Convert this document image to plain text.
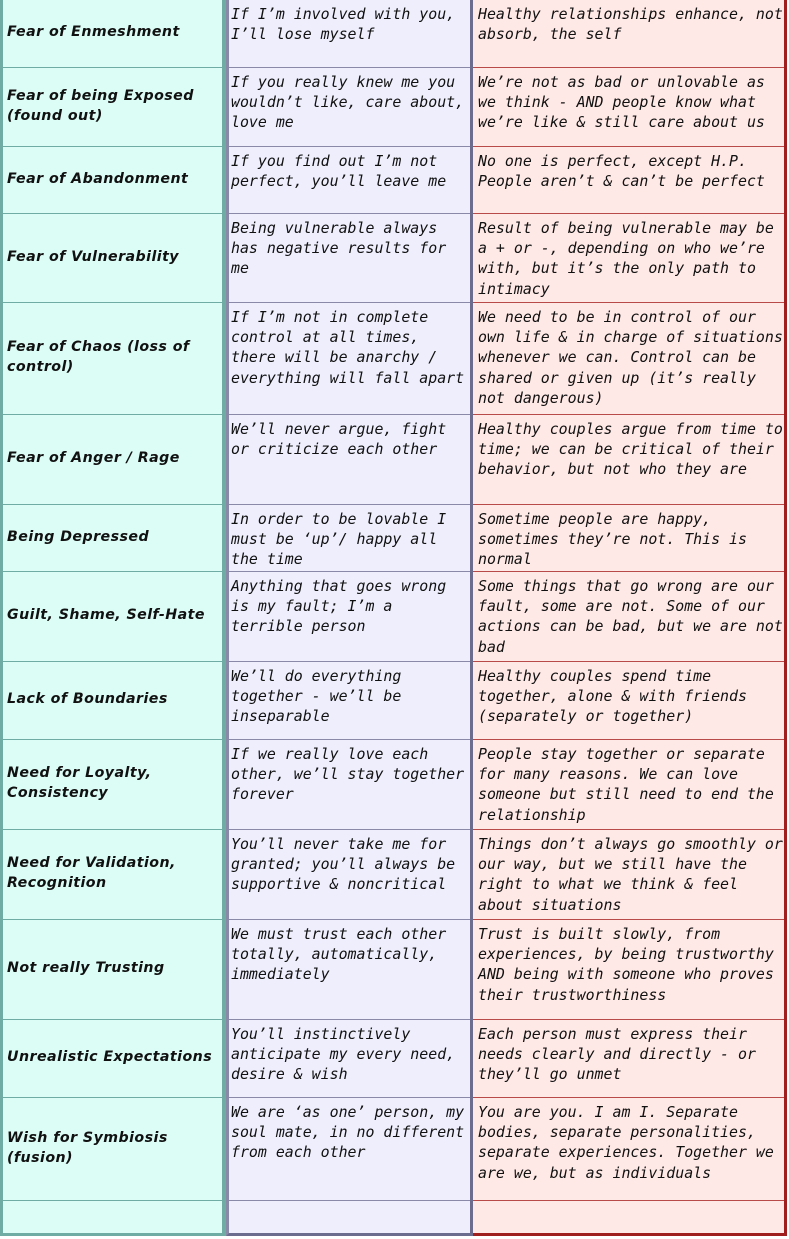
Fear of Enmeshment
If I’m involved with you, I’ll lose myself
Healthy relationships enhance, not absorb, the self
Fear of being Exposed (found out)
If you really knew me you wouldn’t like, care about, love me
We’re not as bad or unlovable as we think - AND people know what we’re like & still care about us
Fear of Abandonment
If you find out I’m not perfect, you’ll leave me
No one is perfect, except H.P. People aren’t & can’t be perfect
Fear of Vulnerability
Being vulnerable always has negative results for me
Result of being vulnerable may be a + or -, depending on who we’re with, but it’s the only path to intimacy
Fear of Chaos (loss of control)
If I’m not in complete control at all times, there will be anarchy / everything will fall apart
We need to be in control of our own life & in charge of situations whenever we can. Control can be shared or given up (it’s really not dangerous)
Fear of Anger / Rage
We’ll never argue, fight or criticize each other
Healthy couples argue from time to time; we can be critical of their behavior, but not who they are
Being Depressed
In order to be lovable I must be ‘up’/ happy all the time
Sometime people are happy, sometimes they’re not. This is normal
Guilt, Shame, Self-Hate
Anything that goes wrong is my fault; I’m a terrible person
Some things that go wrong are our fault, some are not. Some of our actions can be bad, but we are not bad
Lack of Boundaries
We’ll do everything together - we’ll be inseparable
Healthy couples spend time together, alone & with friends (separately or together)
Need for Loyalty, Consistency
If we really love each other, we’ll stay together forever
People stay together or separate for many reasons. We can love someone but still need to end the relationship
Need for Validation, Recognition
You’ll never take me for granted; you’ll always be supportive & noncritical
Things don’t always go smoothly or our way, but we still have the right to what we think & feel about situations
Not really Trusting
We must trust each other totally, automatically, immediately
Trust is built slowly, from experiences, by being trustworthy AND being with someone who proves their trustworthiness
Unrealistic Expectations
You’ll instinctively anticipate my every need, desire & wish
Each person must express their needs clearly and directly - or they’ll go unmet
Wish for Symbiosis (fusion)
We are ‘as one’ person, my soul mate, in no different from each other
You are you. I am I. Separate bodies, separate personalities, separate experiences. Together we are we, but as individuals
